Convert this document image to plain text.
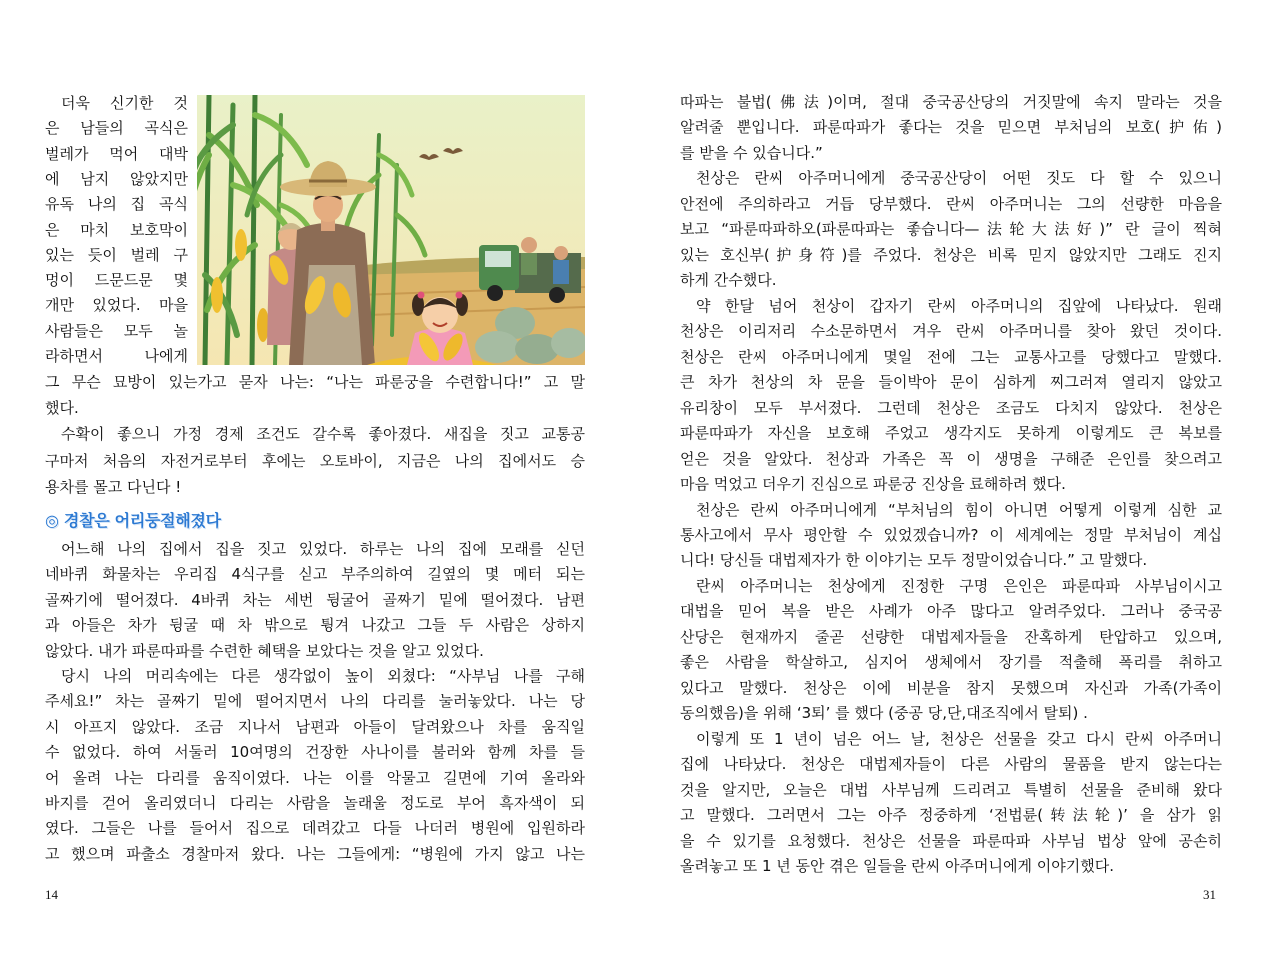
◎ 경찰은 어리둥절해졌다
14
더욱 신기한 것
은 남들의 곡식은
벌레가 먹어 대박
에 남지 않았지만
유독 나의 집 곡식
은 마치 보호막이
있는 듯이 벌레 구
멍이 드문드문 몇
개만 있었다. 마을
사람들은 모두 놀
라하면서 나에게
그 무슨 묘방이 있는가고 묻자 나는: “나는 파룬궁을 수련합니다!” 고 말
했다.
수확이 좋으니 가정 경제 조건도 갈수록 좋아졌다. 새집을 짓고 교통공
구마저 처음의 자전거로부터 후에는 오토바이, 지금은 나의 집에서도 승
용차를 몰고 다닌다 !
어느해 나의 집에서 집을 짓고 있었다. 하루는 나의 집에 모래를 싣던
네바퀴 화물차는 우리집 4식구를 싣고 부주의하여 길옆의 몇 메터 되는
골짜기에 떨어졌다. 4바퀴 차는 세번 뒹굴어 골짜기 밑에 떨어졌다. 남편
과 아들은 차가 뒹굴 때 차 밖으로 튕겨 나갔고 그들 두 사람은 상하지
않았다. 내가 파룬따파를 수련한 혜택을 보았다는 것을 알고 있었다.
당시 나의 머리속에는 다른 생각없이 높이 외쳤다: “사부님 나를 구해
주세요!” 차는 골짜기 밑에 떨어지면서 나의 다리를 눌러놓았다. 나는 당
시 아프지 않았다. 조금 지나서 남편과 아들이 달려왔으나 차를 움직일
수 없었다. 하여 서둘러 10여명의 건장한 사나이를 불러와 함께 차를 들
어 올려 나는 다리를 움직이였다. 나는 이를 악물고 길면에 기여 올라와
바지를 걷어 올리였더니 다리는 사람을 놀래울 정도로 부어 흑자색이 되
였다. 그들은 나를 들어서 집으로 데려갔고 다들 나더러 병원에 입원하라
고 했으며 파출소 경찰마저 왔다. 나는 그들에게: “병원에 가지 않고 나는
31
따파는 불법(佛法)이며, 절대 중국공산당의 거짓말에 속지 말라는 것을
알려줄 뿐입니다. 파룬따파가 좋다는 것을 믿으면 부처님의 보호(护佑)
를 받을 수 있습니다.”
천상은 란씨 아주머니에게 중국공산당이 어떤 짓도 다 할 수 있으니
안전에 주의하라고 거듭 당부했다. 란씨 아주머니는 그의 선량한 마음을
보고 “파룬따파하오(파룬따파는 좋습니다—法轮大法好)” 란 글이 찍혀
있는 호신부(护身符)를 주었다. 천상은 비록 믿지 않았지만 그래도 진지
하게 간수했다.
약 한달 넘어 천상이 갑자기 란씨 아주머니의 집앞에 나타났다. 원래
천상은 이리저리 수소문하면서 겨우 란씨 아주머니를 찾아 왔던 것이다.
천상은 란씨 아주머니에게 몇일 전에 그는 교통사고를 당했다고 말했다.
큰 차가 천상의 차 문을 들이박아 문이 심하게 찌그러져 열리지 않았고
유리창이 모두 부서졌다. 그런데 천상은 조금도 다치지 않았다. 천상은
파룬따파가 자신을 보호해 주었고 생각지도 못하게 이렇게도 큰 복보를
얻은 것을 알았다. 천상과 가족은 꼭 이 생명을 구해준 은인를 찾으려고
마음 먹었고 더우기 진심으로 파룬궁 진상을 료해하려 했다.
천상은 란씨 아주머니에게 “부처님의 힘이 아니면 어떻게 이렇게 심한 교
통사고에서 무사 평안할 수 있었겠습니까? 이 세계에는 정말 부처님이 계십
니다! 당신들 대법제자가 한 이야기는 모두 정말이었습니다.” 고 말했다.
란씨 아주머니는 천상에게 진정한 구명 은인은 파룬따파 사부님이시고
대법을 믿어 복을 받은 사례가 아주 많다고 알려주었다. 그러나 중국공
산당은 현재까지 줄곧 선량한 대법제자들을 잔혹하게 탄압하고 있으며,
좋은 사람을 학살하고, 심지어 생체에서 장기를 적출해 폭리를 취하고
있다고 말했다. 천상은 이에 비분을 참지 못했으며 자신과 가족(가족이
동의했음)을 위해 ‘3퇴’ 를 했다 (중공 당,단,대조직에서 탈퇴) .
이렇게 또 1 년이 넘은 어느 날, 천상은 선물을 갖고 다시 란씨 아주머니
집에 나타났다. 천상은 대법제자들이 다른 사람의 물품을 받지 않는다는
것을 알지만, 오늘은 대법 사부님께 드리려고 특별히 선물을 준비해 왔다
고 말했다. 그러면서 그는 아주 정중하게 ‘전법륜(转法轮)’ 을 삼가 읽
을 수 있기를 요청했다. 천상은 선물을 파룬따파 사부님 법상 앞에 공손히
올려놓고 또 1 년 동안 겪은 일들을 란씨 아주머니에게 이야기했다.
